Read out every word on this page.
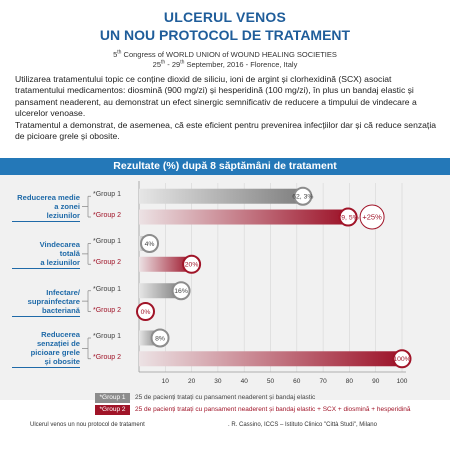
ULCERUL VENOS
UN NOU PROTOCOL DE TRATAMENT
5th Congress of WORLD UNION of WOUND HEALING SOCIETIES
25th - 29th September, 2016 - Florence, Italy
Utilizarea tratamentului topic ce conține dioxid de siliciu, ioni de argint și clorhexidină (SCX) asociat tratamentului medicamentos: diosmină (900 mg/zi) și hesperidină (100 mg/zi), în plus un bandaj elastic și pansament neaderent, au demonstrat un efect sinergic semnificativ de reducere a timpului de vindecare a ulcerelor venoase.
Tratamentul a demonstrat, de asemenea, că este eficient pentru prevenirea infecțiilor dar și că reduce senzația de picioare grele și obosite.
Rezultate (%) după 8 săptămâni de tratament
Reducerea medie
a zonei
leziunilor
*Group 1
*Group 2
Vindecarea
totală
a leziunilor
*Group 1
*Group 2
Infectare/
suprainfectare
bacteriană
*Group 1
*Group 2
Reducerea
senzației de
picioare grele
și obosite
*Group 1
*Group 2
10	20	30	40	50	60	70	80	90	100
62, 3%
79, 5%
4%
20%
16%
0%
8%
100%
+25%
*Group 1 25 de pacienți tratați cu pansament neaderent și bandaj elastic
*Group 2 25 de pacienți tratați cu pansament neaderent și bandaj elastic + SCX + diosmină + hesperidină
Ulcerul venos un nou protocol de tratament	. R. Cassino, ICCS – Istituto Clinico "Città Studi", Milano
